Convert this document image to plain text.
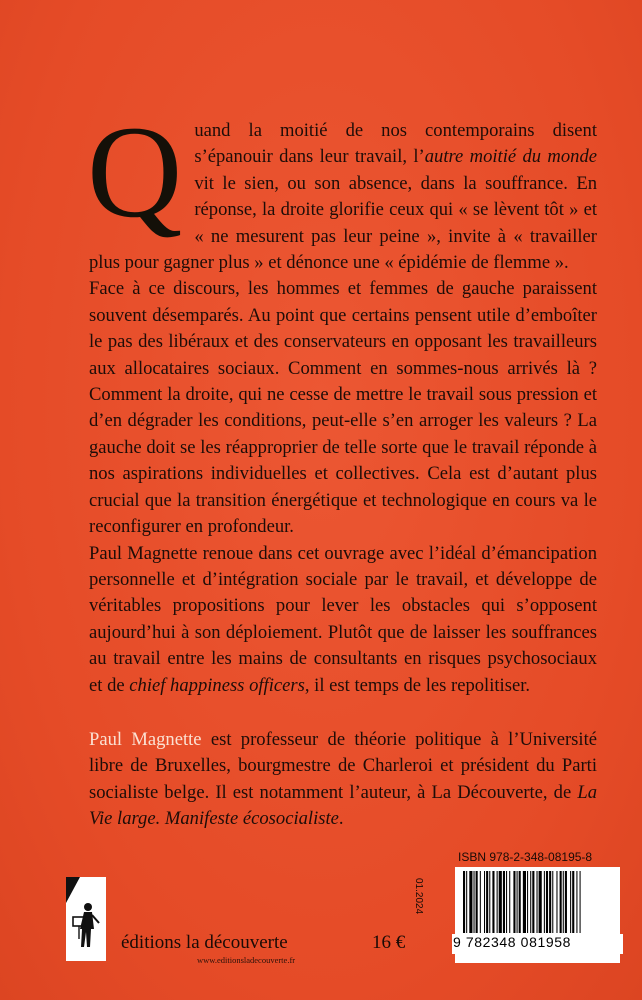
Quand la moitié de nos contemporains disent s’épanouir dans leur travail, l’autre moitié du monde vit le sien, ou son absence, dans la souffrance. En réponse, la droite glorifie ceux qui « se lèvent tôt » et « ne mesurent pas leur peine », invite à « travailler plus pour gagner plus » et dénonce une « épidémie de flemme ».

Face à ce discours, les hommes et femmes de gauche paraissent souvent désemparés. Au point que certains pensent utile d’emboîter le pas des libéraux et des conservateurs en opposant les travailleurs aux allocataires sociaux. Comment en sommes-nous arrivés là ? Comment la droite, qui ne cesse de mettre le travail sous pression et d’en dégrader les conditions, peut-elle s’en arroger les valeurs ? La gauche doit se les réapproprier de telle sorte que le travail réponde à nos aspirations individuelles et collectives. Cela est d’autant plus crucial que la transition énergétique et technologique en cours va le reconfigurer en profondeur.

Paul Magnette renoue dans cet ouvrage avec l’idéal d’émancipation personnelle et d’intégration sociale par le travail, et développe de véritables propositions pour lever les obstacles qui s’opposent aujourd’hui à son déploiement. Plutôt que de laisser les souffrances au travail entre les mains de consultants en risques psychosociaux et de chief happiness officers, il est temps de les repolitiser.

Paul Magnette est professeur de théorie politique à l’Université libre de Bruxelles, bourgmestre de Charleroi et président du Parti socialiste belge. Il est notamment l’auteur, à La Découverte, de La Vie large. Manifeste écosocialiste.

éditions la découverte
www.editionsladecouverte.fr
16 €
01.2024
ISBN 978-2-348-08195-8
9 782348 081958
